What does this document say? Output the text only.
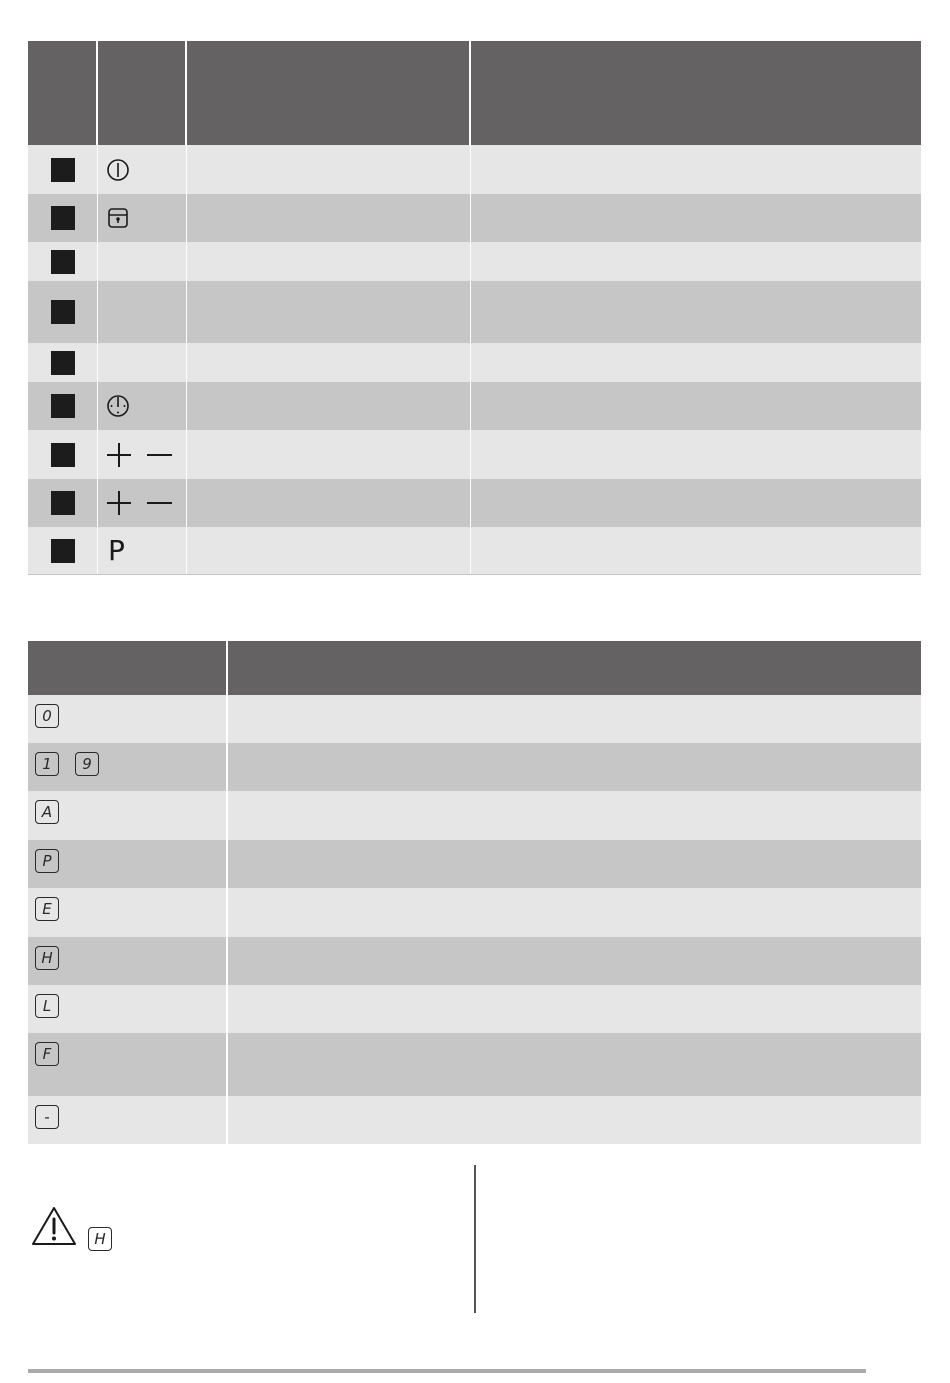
P
0
1	9
A
P
E
H
L
F
-
H
